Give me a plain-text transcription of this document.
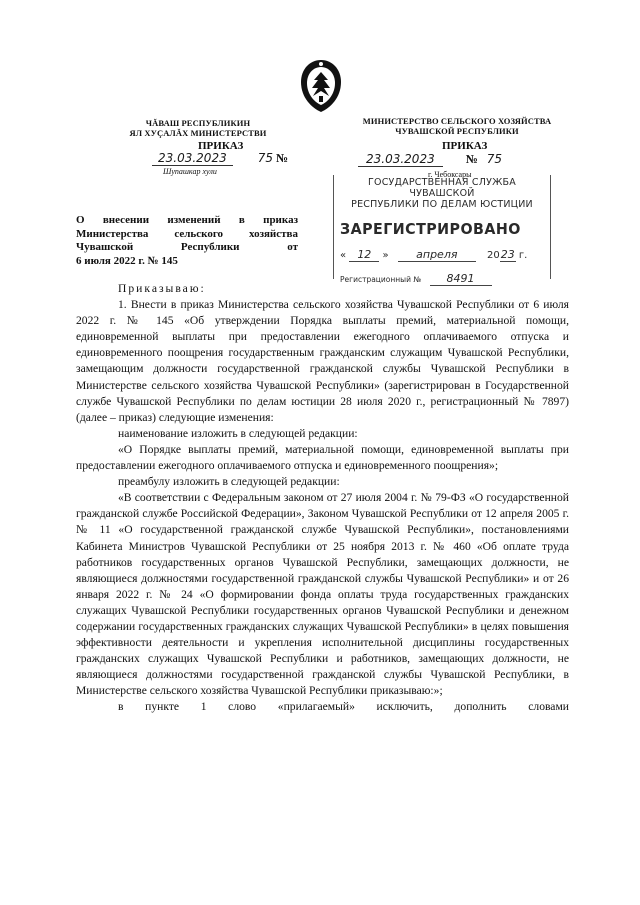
ЧĂВАШ РЕСПУБЛИКИН
ЯЛ ХУÇАЛĂХ МИНИСТЕРСТВИ
МИНИСТЕРСТВО СЕЛЬСКОГО ХОЗЯЙСТВА
ЧУВАШСКОЙ РЕСПУБЛИКИ
ПРИКАЗ	ПРИКАЗ
23.03.2023	75 №
Шупашкар хули
23.03.2023	№ 75
г. Чебоксары
ГОСУДАРСТВЕННАЯ СЛУЖБА ЧУВАШСКОЙ
РЕСПУБЛИКИ ПО ДЕЛАМ ЮСТИЦИИ
ЗАРЕГИСТРИРОВАНО
« 12 »	апреля	2023 г.
Регистрационный № 8491
О внесении изменений в приказ
Министерства сельского хозяйства
Чувашской Республики от
6 июля 2022 г. № 145

Приказываю:

1. Внести в приказ Министерства сельского хозяйства Чувашской Республики от 6 июля 2022 г. № 145 «Об утверждении Порядка выплаты премий, материальной помощи, единовременной выплаты при предоставлении ежегодного оплачиваемого отпуска и единовременного поощрения государственным гражданским служащим Чувашской Республики, замещающим должности государственной гражданской службы Чувашской Республики в Министерстве сельского хозяйства Чувашской Республики» (зарегистрирован в Государственной службе Чувашской Республики по делам юстиции 28 июля 2020 г., регистрационный № 7897) (далее – приказ) следующие изменения:

наименование изложить в следующей редакции:

«О Порядке выплаты премий, материальной помощи, единовременной выплаты при предоставлении ежегодного оплачиваемого отпуска и единовременного поощрения»;

преамбулу изложить в следующей редакции:

«В соответствии с Федеральным законом от 27 июля 2004 г. № 79-ФЗ «О государственной гражданской службе Российской Федерации», Законом Чувашской Республики от 12 апреля 2005 г. № 11 «О государственной гражданской службе Чувашской Республики», постановлениями Кабинета Министров Чувашской Республики от 25 ноября 2013 г. № 460 «Об оплате труда работников государственных органов Чувашской Республики, замещающих должности, не являющиеся должностями государственной гражданской службы Чувашской Республики» и от 26 января 2022 г. № 24 «О формировании фонда оплаты труда государственных гражданских служащих Чувашской Республики государственных органов Чувашской Республики и денежном содержании государственных гражданских служащих Чувашской Республики» в целях повышения эффективности деятельности и укрепления исполнительной дисциплины государственных гражданских служащих Чувашской Республики и работников, замещающих должности, не являющиеся должностями государственной гражданской службы Чувашской Республики, в Министерстве сельского хозяйства Чувашской Республики приказываю:»;

в пункте 1 слово «прилагаемый» исключить, дополнить словами
